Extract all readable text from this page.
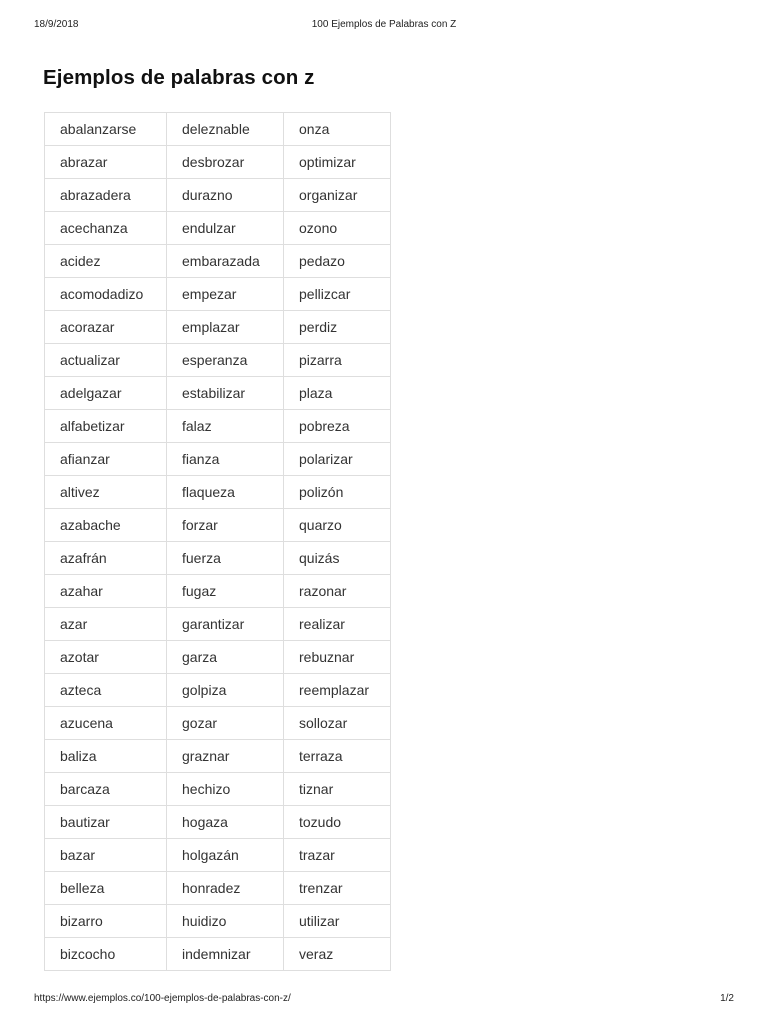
18/9/2018	100 Ejemplos de Palabras con Z
Ejemplos de palabras con z
abalanzarse	deleznable	onza
abrazar	desbrozar	optimizar
abrazadera	durazno	organizar
acechanza	endulzar	ozono
acidez	embarazada	pedazo
acomodadizo	empezar	pellizcar
acorazar	emplazar	perdiz
actualizar	esperanza	pizarra
adelgazar	estabilizar	plaza
alfabetizar	falaz	pobreza
afianzar	fianza	polarizar
altivez	flaqueza	polizón
azabache	forzar	quarzo
azafrán	fuerza	quizás
azahar	fugaz	razonar
azar	garantizar	realizar
azotar	garza	rebuznar
azteca	golpiza	reemplazar
azucena	gozar	sollozar
baliza	graznar	terraza
barcaza	hechizo	tiznar
bautizar	hogaza	tozudo
bazar	holgazán	trazar
belleza	honradez	trenzar
bizarro	huidizo	utilizar
bizcocho	indemnizar	veraz
https://www.ejemplos.co/100-ejemplos-de-palabras-con-z/	1/2
